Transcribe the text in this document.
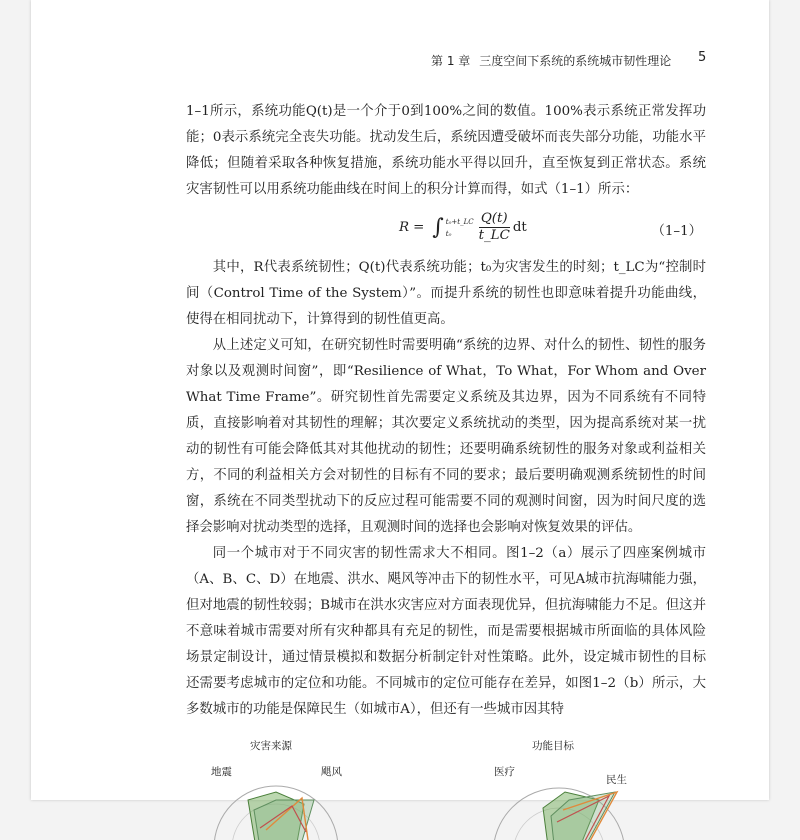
第 1 章 三度空间下系统的系统城市韧性理论 5

1–1所示，系统功能Q(t)是一个介于0到100%之间的数值。100%表示系统正常发挥功能；0表示系统完全丧失功能。扰动发生后，系统因遭受破坏而丧失部分功能，功能水平降低；但随着采取各种恢复措施，系统功能水平得以回升，直至恢复到正常状态。系统灾害韧性可以用系统功能曲线在时间上的积分计算而得，如式（1–1）所示：

R = ∫ t₀+t_LC
t₀	$\frac{Q(t)}{t\_LC}$ dt	（1–1）

其中，R代表系统韧性；Q(t)代表系统功能；t₀为灾害发生的时刻；t_LC为“控制时间（Control Time of the System）”。而提升系统的韧性也即意味着提升功能曲线，使得在相同扰动下，计算得到的韧性值更高。

从上述定义可知，在研究韧性时需要明确“系统的边界、对什么的韧性、韧性的服务对象以及观测时间窗”，即“Resilience of What，To What，For Whom and Over What Time Frame”。研究韧性首先需要定义系统及其边界，因为不同系统有不同特质，直接影响着对其韧性的理解；其次要定义系统扰动的类型，因为提高系统对某一扰动的韧性有可能会降低其对其他扰动的韧性；还要明确系统韧性的服务对象或利益相关方，不同的利益相关方会对韧性的目标有不同的要求；最后要明确观测系统韧性的时间窗，系统在不同类型扰动下的反应过程可能需要不同的观测时间窗，因为时间尺度的选择会影响对扰动类型的选择，且观测时间的选择也会影响对恢复效果的评估。

同一个城市对于不同灾害的韧性需求大不相同。图1–2（a）展示了四座案例城市（A、B、C、D）在地震、洪水、飓风等冲击下的韧性水平，可见A城市抗海啸能力强，但对地震的韧性较弱；B城市在洪水灾害应对方面表现优异，但抗海啸能力不足。但这并不意味着城市需要对所有灾种都具有充足的韧性，而是需要根据城市所面临的具体风险场景定制设计，通过情景模拟和数据分析制定针对性策略。此外，设定城市韧性的目标还需要考虑城市的定位和功能。不同城市的定位可能存在差异，如图1–2（b）所示，大多数城市的功能是保障民生（如城市A），但还有一些城市因其特

灾害来源
地震	飓风
功能目标
医疗
民生
